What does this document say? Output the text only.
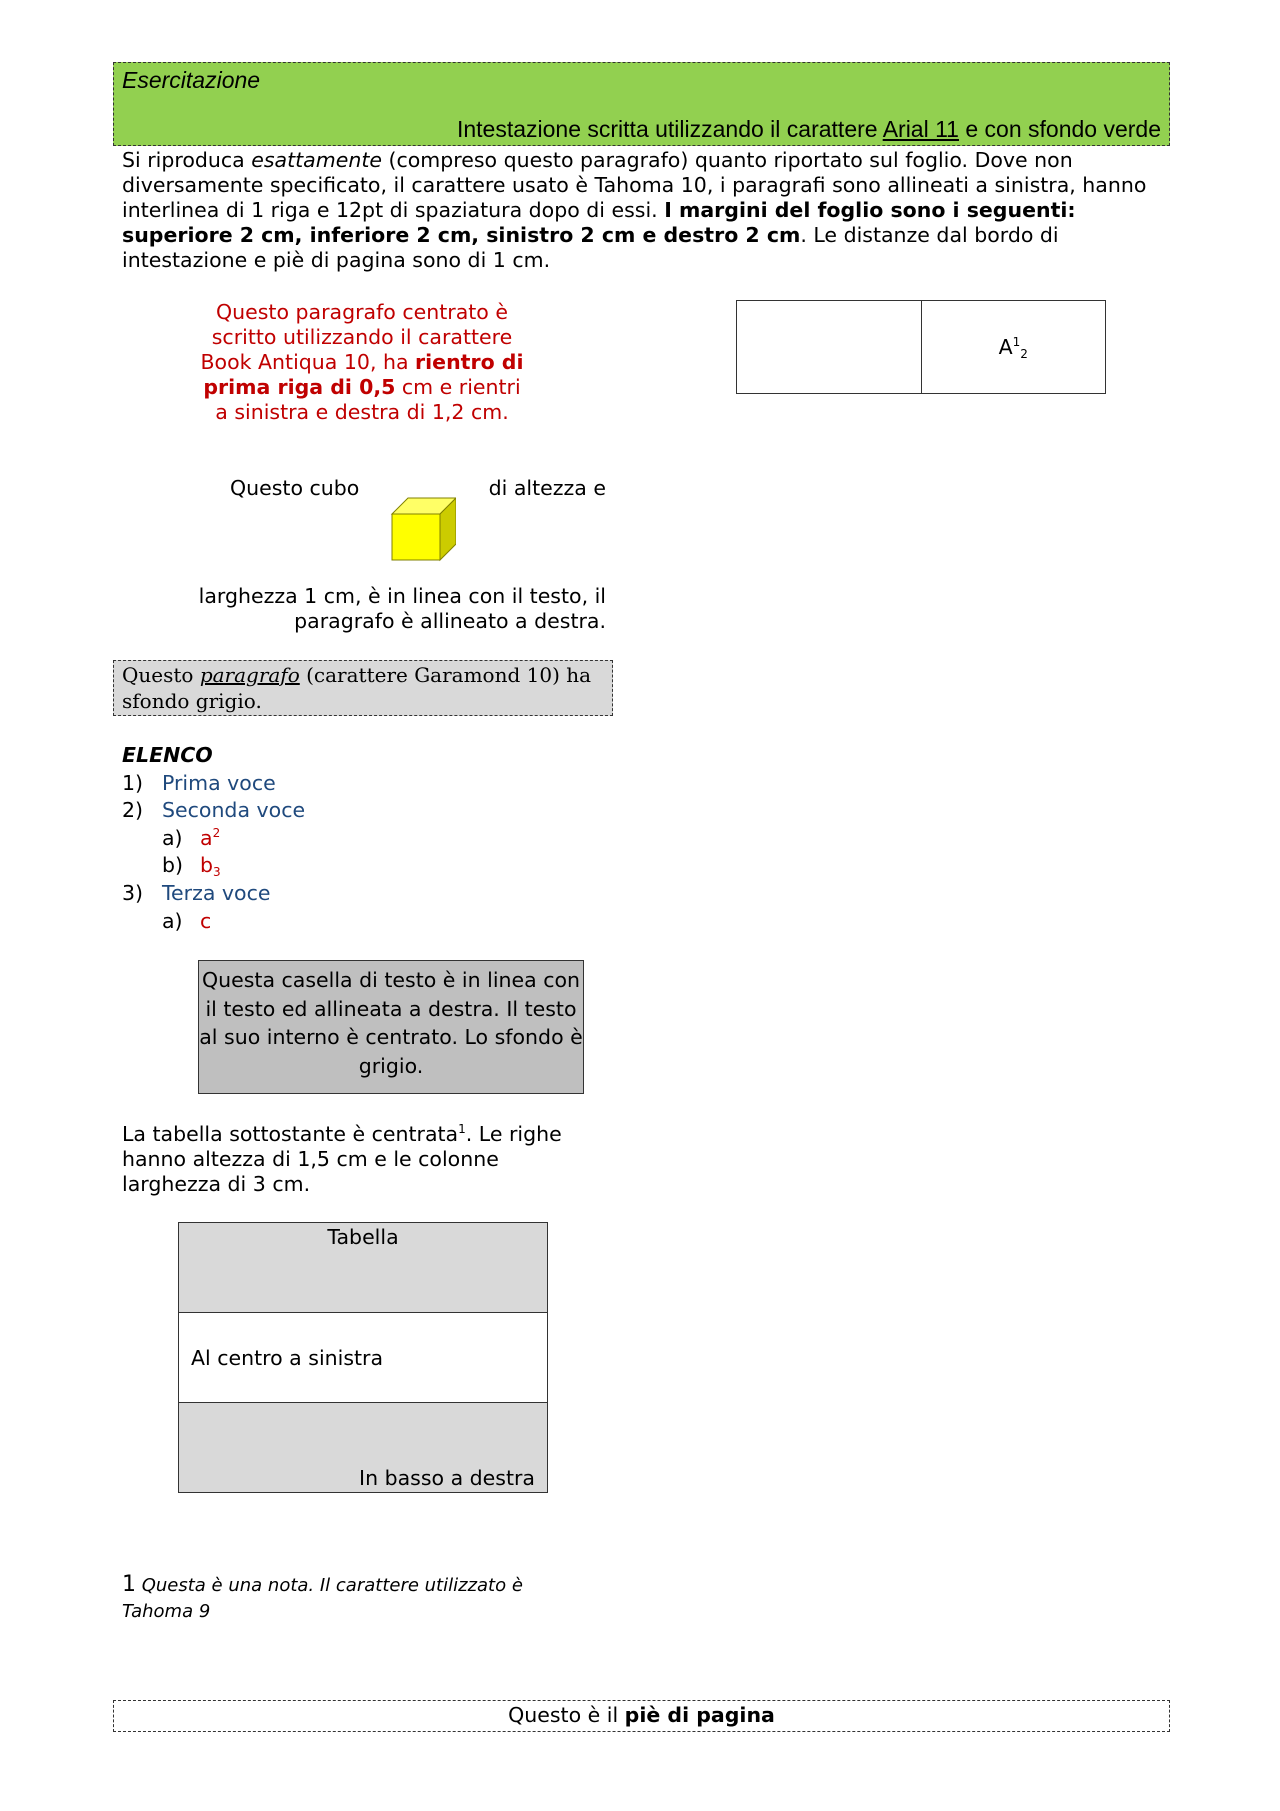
Esercitazione
Intestazione scritta utilizzando il carattere Arial 11 e con sfondo verde
Si riproduca esattamente (compreso questo paragrafo) quanto riportato sul foglio. Dove non diversamente specificato, il carattere usato è Tahoma 10, i paragrafi sono allineati a sinistra, hanno interlinea di 1 riga e 12pt di spaziatura dopo di essi. I margini del foglio sono i seguenti: superiore 2 cm, inferiore 2 cm, sinistro 2 cm e destro 2 cm. Le distanze dal bordo di intestazione e piè di pagina sono di 1 cm.
Questo paragrafo centrato è scritto utilizzando il carattere Book Antiqua 10, ha rientro di prima riga di 0,5 cm e rientri a sinistra e destra di 1,2 cm.
	$A^1_2$
Questo cubo	di altezza e
larghezza 1 cm, è in linea con il testo, il paragrafo è allineato a destra.
Questo paragrafo (carattere Garamond 10) ha sfondo grigio.
ELENCO
1) Prima voce
2) Seconda voce
a) $a^2$
b) $b_3$
3) Terza voce
a) c
Questa casella di testo è in linea con il testo ed allineata a destra. Il testo al suo interno è centrato. Lo sfondo è grigio.
La tabella sottostante è centrata$^1$. Le righe hanno altezza di 1,5 cm e le colonne larghezza di 3 cm.
Tabella
Al centro a sinistra
In basso a destra
1 Questa è una nota. Il carattere utilizzato è Tahoma 9
Questo è il piè di pagina
